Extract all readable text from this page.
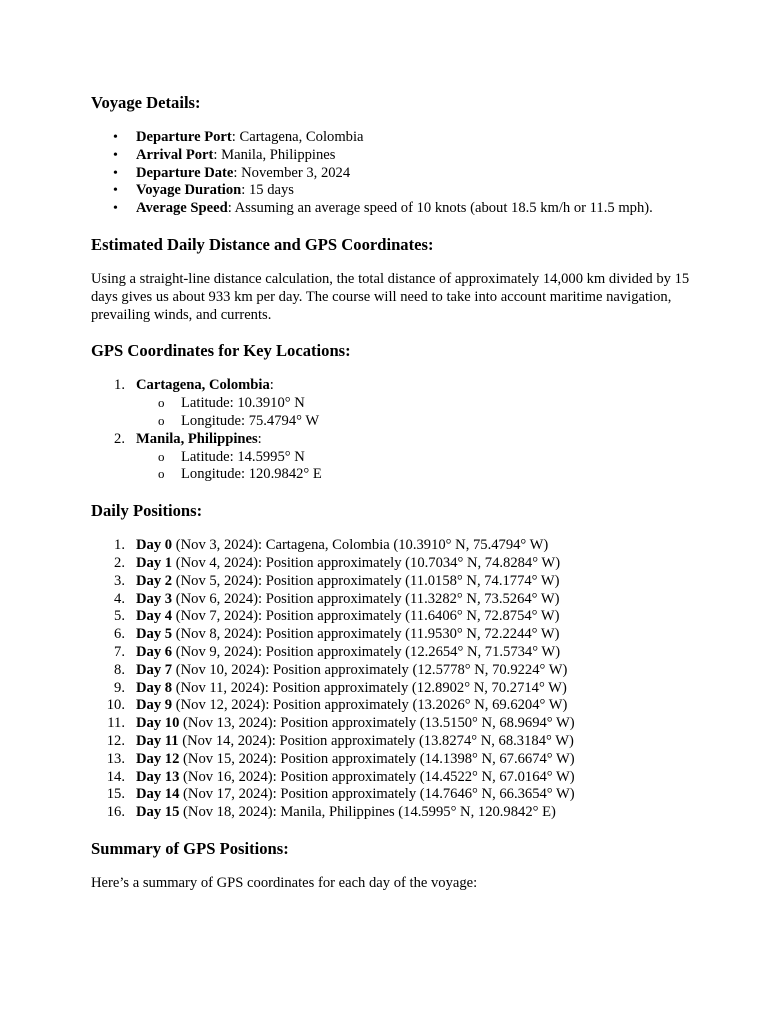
Voyage Details:
• Departure Port: Cartagena, Colombia
• Arrival Port: Manila, Philippines
• Departure Date: November 3, 2024
• Voyage Duration: 15 days
• Average Speed: Assuming an average speed of 10 knots (about 18.5 km/h or 11.5 mph).
Estimated Daily Distance and GPS Coordinates:

Using a straight-line distance calculation, the total distance of approximately 14,000 km divided by 15 days gives us about 933 km per day. The course will need to take into account maritime navigation, prevailing winds, and currents.

GPS Coordinates for Key Locations:
1. Cartagena, Colombia:
o Latitude: 10.3910° N
o Longitude: 75.4794° W
2. Manila, Philippines:
o Latitude: 14.5995° N
o Longitude: 120.9842° E
Daily Positions:
1. Day 0 (Nov 3, 2024): Cartagena, Colombia (10.3910° N, 75.4794° W)
2. Day 1 (Nov 4, 2024): Position approximately (10.7034° N, 74.8284° W)
3. Day 2 (Nov 5, 2024): Position approximately (11.0158° N, 74.1774° W)
4. Day 3 (Nov 6, 2024): Position approximately (11.3282° N, 73.5264° W)
5. Day 4 (Nov 7, 2024): Position approximately (11.6406° N, 72.8754° W)
6. Day 5 (Nov 8, 2024): Position approximately (11.9530° N, 72.2244° W)
7. Day 6 (Nov 9, 2024): Position approximately (12.2654° N, 71.5734° W)
8. Day 7 (Nov 10, 2024): Position approximately (12.5778° N, 70.9224° W)
9. Day 8 (Nov 11, 2024): Position approximately (12.8902° N, 70.2714° W)
10. Day 9 (Nov 12, 2024): Position approximately (13.2026° N, 69.6204° W)
11. Day 10 (Nov 13, 2024): Position approximately (13.5150° N, 68.9694° W)
12. Day 11 (Nov 14, 2024): Position approximately (13.8274° N, 68.3184° W)
13. Day 12 (Nov 15, 2024): Position approximately (14.1398° N, 67.6674° W)
14. Day 13 (Nov 16, 2024): Position approximately (14.4522° N, 67.0164° W)
15. Day 14 (Nov 17, 2024): Position approximately (14.7646° N, 66.3654° W)
16. Day 15 (Nov 18, 2024): Manila, Philippines (14.5995° N, 120.9842° E)
Summary of GPS Positions:

Here’s a summary of GPS coordinates for each day of the voyage:
